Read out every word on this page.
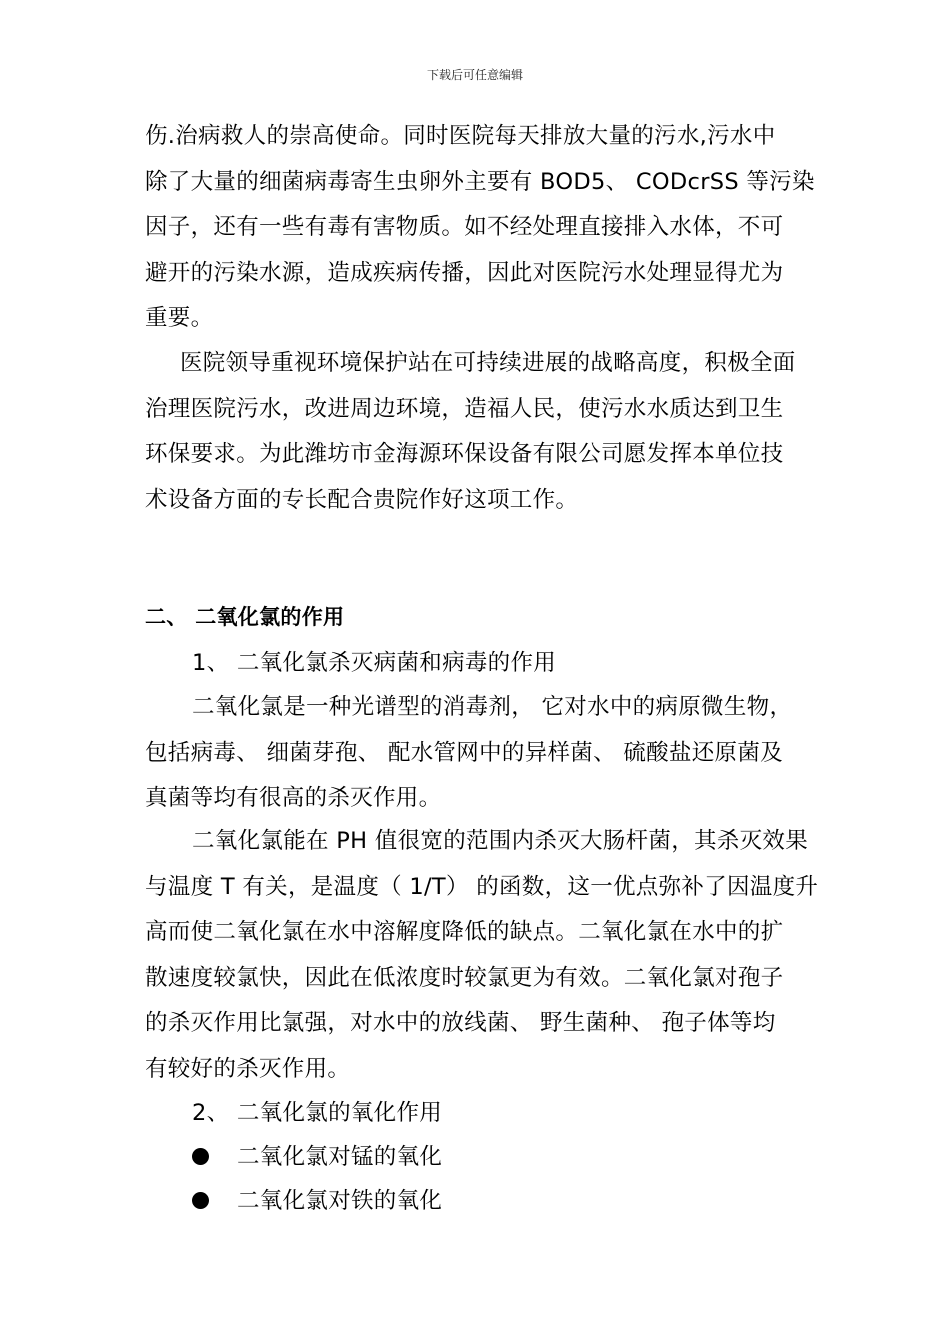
下载后可任意编辑
伤.治病救人的崇高使命。同时医院每天排放大量的污水,污水中
除了大量的细菌病毒寄生虫卵外主要有 BOD5、 CODcrSS 等污染
因子，还有一些有毒有害物质。如不经处理直接排入水体，不可
避开的污染水源，造成疾病传播，因此对医院污水处理显得尤为
重要。
医院领导重视环境保护站在可持续进展的战略高度，积极全面
治理医院污水，改进周边环境，造福人民，使污水水质达到卫生
环保要求。为此潍坊市金海源环保设备有限公司愿发挥本单位技
术设备方面的专长配合贵院作好这项工作。
二、 二氧化氯的作用
1、 二氧化氯杀灭病菌和病毒的作用
二氧化氯是一种光谱型的消毒剂， 它对水中的病原微生物，
包括病毒、 细菌芽孢、 配水管网中的异样菌、 硫酸盐还原菌及
真菌等均有很高的杀灭作用。
二氧化氯能在 PH 值很宽的范围内杀灭大肠杆菌，其杀灭效果
与温度 T 有关，是温度（ 1/T） 的函数，这一优点弥补了因温度升
高而使二氧化氯在水中溶解度降低的缺点。二氧化氯在水中的扩
散速度较氯快，因此在低浓度时较氯更为有效。二氧化氯对孢子
的杀灭作用比氯强，对水中的放线菌、 野生菌种、 孢子体等均
有较好的杀灭作用。
2、 二氧化氯的氧化作用
二氧化氯对锰的氧化
二氧化氯对铁的氧化
